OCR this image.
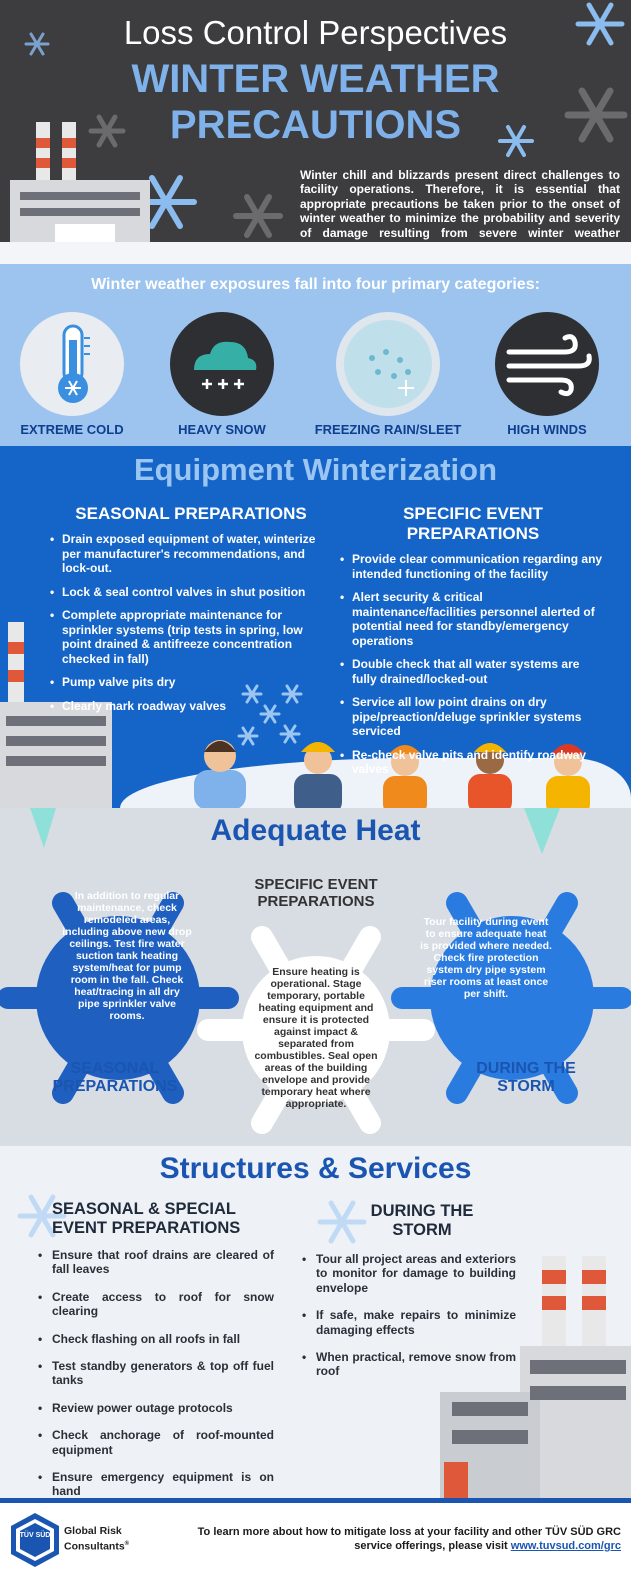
Loss Control Perspectives
WINTER WEATHER
PRECAUTIONS
Winter chill and blizzards present direct challenges to facility operations. Therefore, it is essential that appropriate precautions be taken prior to the onset of winter weather to minimize the probability and severity of damage resulting from severe winter weather
Winter weather exposures fall into four primary categories:
EXTREME COLD	HEAVY SNOW	FREEZING RAIN/SLEET	HIGH WINDS
Equipment Winterization
SEASONAL PREPARATIONS
• Drain exposed equipment of water, winterize per manufacturer's recommendations, and lock-out.
• Lock & seal control valves in shut position
• Complete appropriate maintenance for sprinkler systems (trip tests in spring, low point drained & antifreeze concentration checked in fall)
• Pump valve pits dry
• Clearly mark roadway valves
SPECIFIC EVENT PREPARATIONS
• Provide clear communication regarding any intended functioning of the facility
• Alert security & critical maintenance/facilities personnel alerted of potential need for standby/emergency operations
• Double check that all water systems are fully drained/locked-out
• Service all low point drains on dry pipe/preaction/deluge sprinkler systems serviced
• Re-check valve pits and identify roadway valves
Adequate Heat
In addition to regular maintenance, check remodeled areas, including above new drop ceilings. Test fire water suction tank heating system/heat for pump room in the fall. Check heat/tracing in all dry pipe sprinkler valve rooms.
SEASONAL PREPARATIONS
SPECIFIC EVENT PREPARATIONS
Ensure heating is operational. Stage temporary, portable heating equipment and ensure it is protected against impact & separated from combustibles. Seal open areas of the building envelope and provide temporary heat where appropriate.
Tour facility during event to ensure adequate heat is provided where needed. Check fire protection system dry pipe system riser rooms at least once per shift.
DURING THE STORM
Structures & Services
SEASONAL & SPECIAL EVENT PREPARATIONS
• Ensure that roof drains are cleared of fall leaves
• Create access to roof for snow clearing
• Check flashing on all roofs in fall
• Test standby generators & top off fuel tanks
• Review power outage protocols
• Check anchorage of roof-mounted equipment
• Ensure emergency equipment is on hand
DURING THE STORM
• Tour all project areas and exteriors to monitor for damage to building envelope
• If safe, make repairs to minimize damaging effects
• When practical, remove snow from roof
TÜV SÜD	Global Risk
Consultants®
To learn more about how to mitigate loss at your facility and other TÜV SÜD GRC service offerings, please visit www.tuvsud.com/grc
